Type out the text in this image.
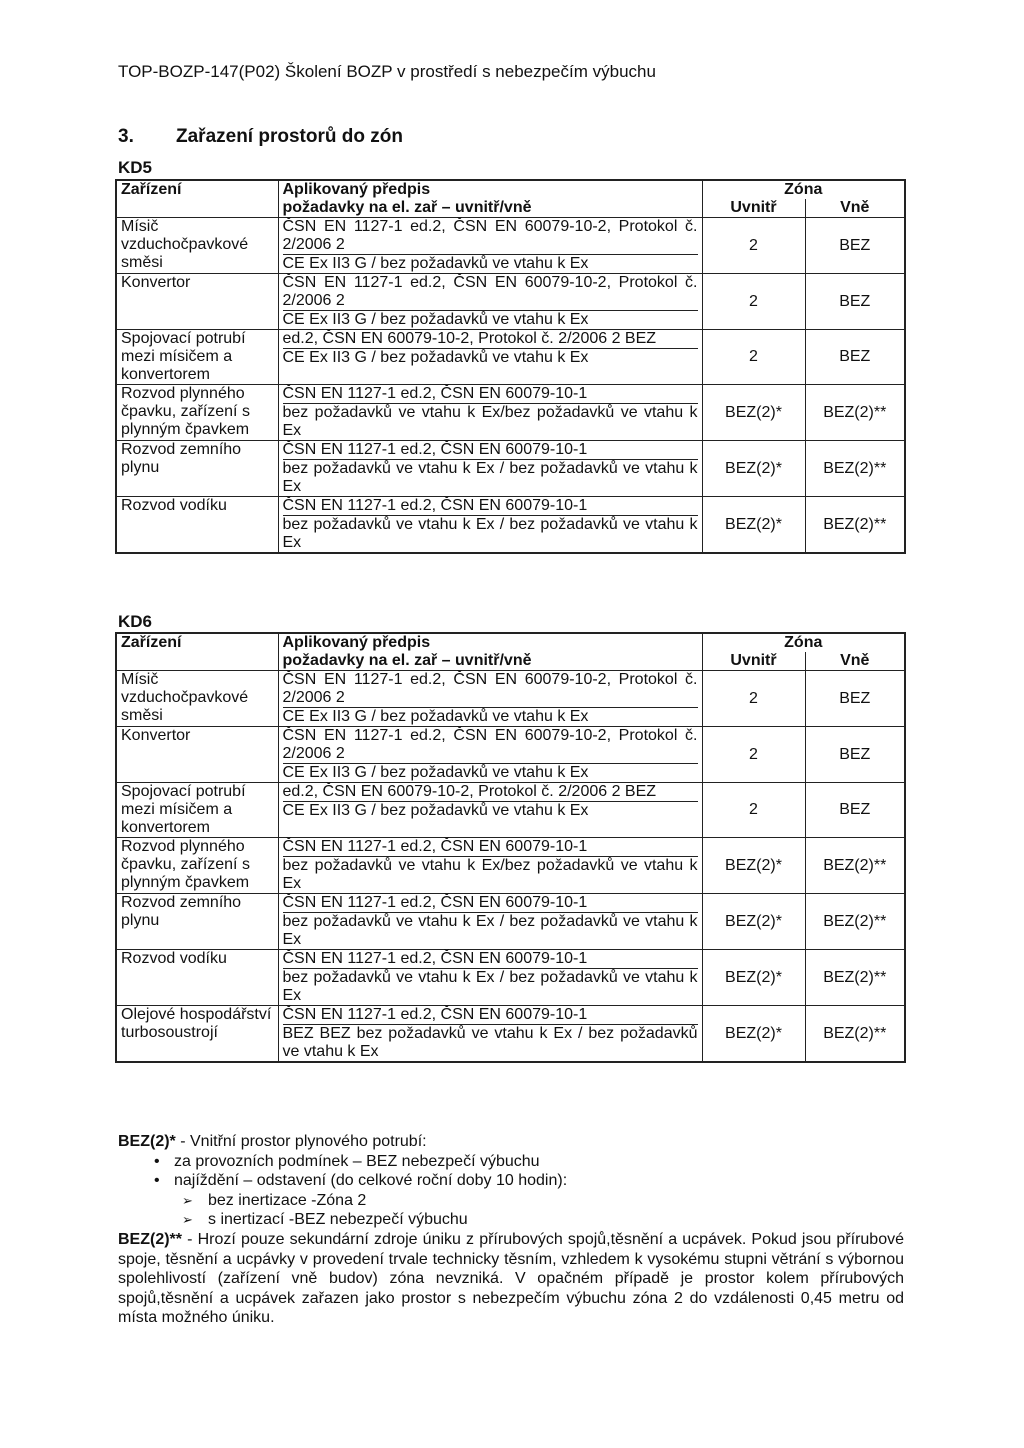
TOP-BOZP-147(P02) Školení BOZP v prostředí s nebezpečím výbuchu
3. Zařazení prostorů do zón
KD5
Zařízení	Aplikovaný předpis	Zóna	
	požadavky na el. zař – uvnitř/vně	Uvnitř	Vně
Mísič vzduchočpavkové směsi	ČSN EN 1127-1 ed.2, ČSN EN 60079-10-2, Protokol č. 2/2006 2
CE Ex II3 G / bez požadavků ve vtahu k Ex	2	BEZ
Konvertor	ČSN EN 1127-1 ed.2, ČSN EN 60079-10-2, Protokol č. 2/2006 2
CE Ex II3 G / bez požadavků ve vtahu k Ex	2	BEZ
Spojovací potrubí mezi mísičem a konvertorem	ed.2, ČSN EN 60079-10-2, Protokol č. 2/2006 2 BEZ
CE Ex II3 G / bez požadavků ve vtahu k Ex	2	BEZ
Rozvod plynného čpavku, zařízení s plynným čpavkem	ČSN EN 1127-1 ed.2, ČSN EN 60079-10-1
bez požadavků ve vtahu k Ex/bez požadavků ve vtahu k Ex	BEZ(2)*	BEZ(2)**
Rozvod zemního plynu	ČSN EN 1127-1 ed.2, ČSN EN 60079-10-1
bez požadavků ve vtahu k Ex / bez požadavků ve vtahu k Ex	BEZ(2)*	BEZ(2)**
Rozvod vodíku	ČSN EN 1127-1 ed.2, ČSN EN 60079-10-1
bez požadavků ve vtahu k Ex / bez požadavků ve vtahu k Ex	BEZ(2)*	BEZ(2)**
KD6
Zařízení	Aplikovaný předpis	Zóna	
	požadavky na el. zař – uvnitř/vně	Uvnitř	Vně
Mísič vzduchočpavkové směsi	ČSN EN 1127-1 ed.2, ČSN EN 60079-10-2, Protokol č. 2/2006 2
CE Ex II3 G / bez požadavků ve vtahu k Ex	2	BEZ
Konvertor	ČSN EN 1127-1 ed.2, ČSN EN 60079-10-2, Protokol č. 2/2006 2
CE Ex II3 G / bez požadavků ve vtahu k Ex	2	BEZ
Spojovací potrubí mezi mísičem a konvertorem	ed.2, ČSN EN 60079-10-2, Protokol č. 2/2006 2 BEZ
CE Ex II3 G / bez požadavků ve vtahu k Ex	2	BEZ
Rozvod plynného čpavku, zařízení s plynným čpavkem	ČSN EN 1127-1 ed.2, ČSN EN 60079-10-1
bez požadavků ve vtahu k Ex/bez požadavků ve vtahu k Ex	BEZ(2)*	BEZ(2)**
Rozvod zemního plynu	ČSN EN 1127-1 ed.2, ČSN EN 60079-10-1
bez požadavků ve vtahu k Ex / bez požadavků ve vtahu k Ex	BEZ(2)*	BEZ(2)**
Rozvod vodíku	ČSN EN 1127-1 ed.2, ČSN EN 60079-10-1
bez požadavků ve vtahu k Ex / bez požadavků ve vtahu k Ex	BEZ(2)*	BEZ(2)**
Olejové hospodářství turbosoustrojí	ČSN EN 1127-1 ed.2, ČSN EN 60079-10-1
BEZ BEZ bez požadavků ve vtahu k Ex / bez požadavků ve vtahu k Ex	BEZ(2)*	BEZ(2)**
BEZ(2)* - Vnitřní prostor plynového potrubí:
• za provozních podmínek – BEZ nebezpečí výbuchu
• najíždění – odstavení (do celkové roční doby 10 hodin):
➢ bez inertizace -Zóna 2
➢ s inertizací -BEZ nebezpečí výbuchu

BEZ(2)** - Hrozí pouze sekundární zdroje úniku z přírubových spojů,těsnění a ucpávek. Pokud jsou přírubové spoje, těsnění a ucpávky v provedení trvale technicky těsním, vzhledem k vysokému stupni větrání s výbornou spolehlivostí (zařízení vně budov) zóna nevzniká. V opačném případě je prostor kolem přírubových spojů,těsnění a ucpávek zařazen jako prostor s nebezpečím výbuchu zóna 2 do vzdálenosti 0,45 metru od místa možného úniku.
